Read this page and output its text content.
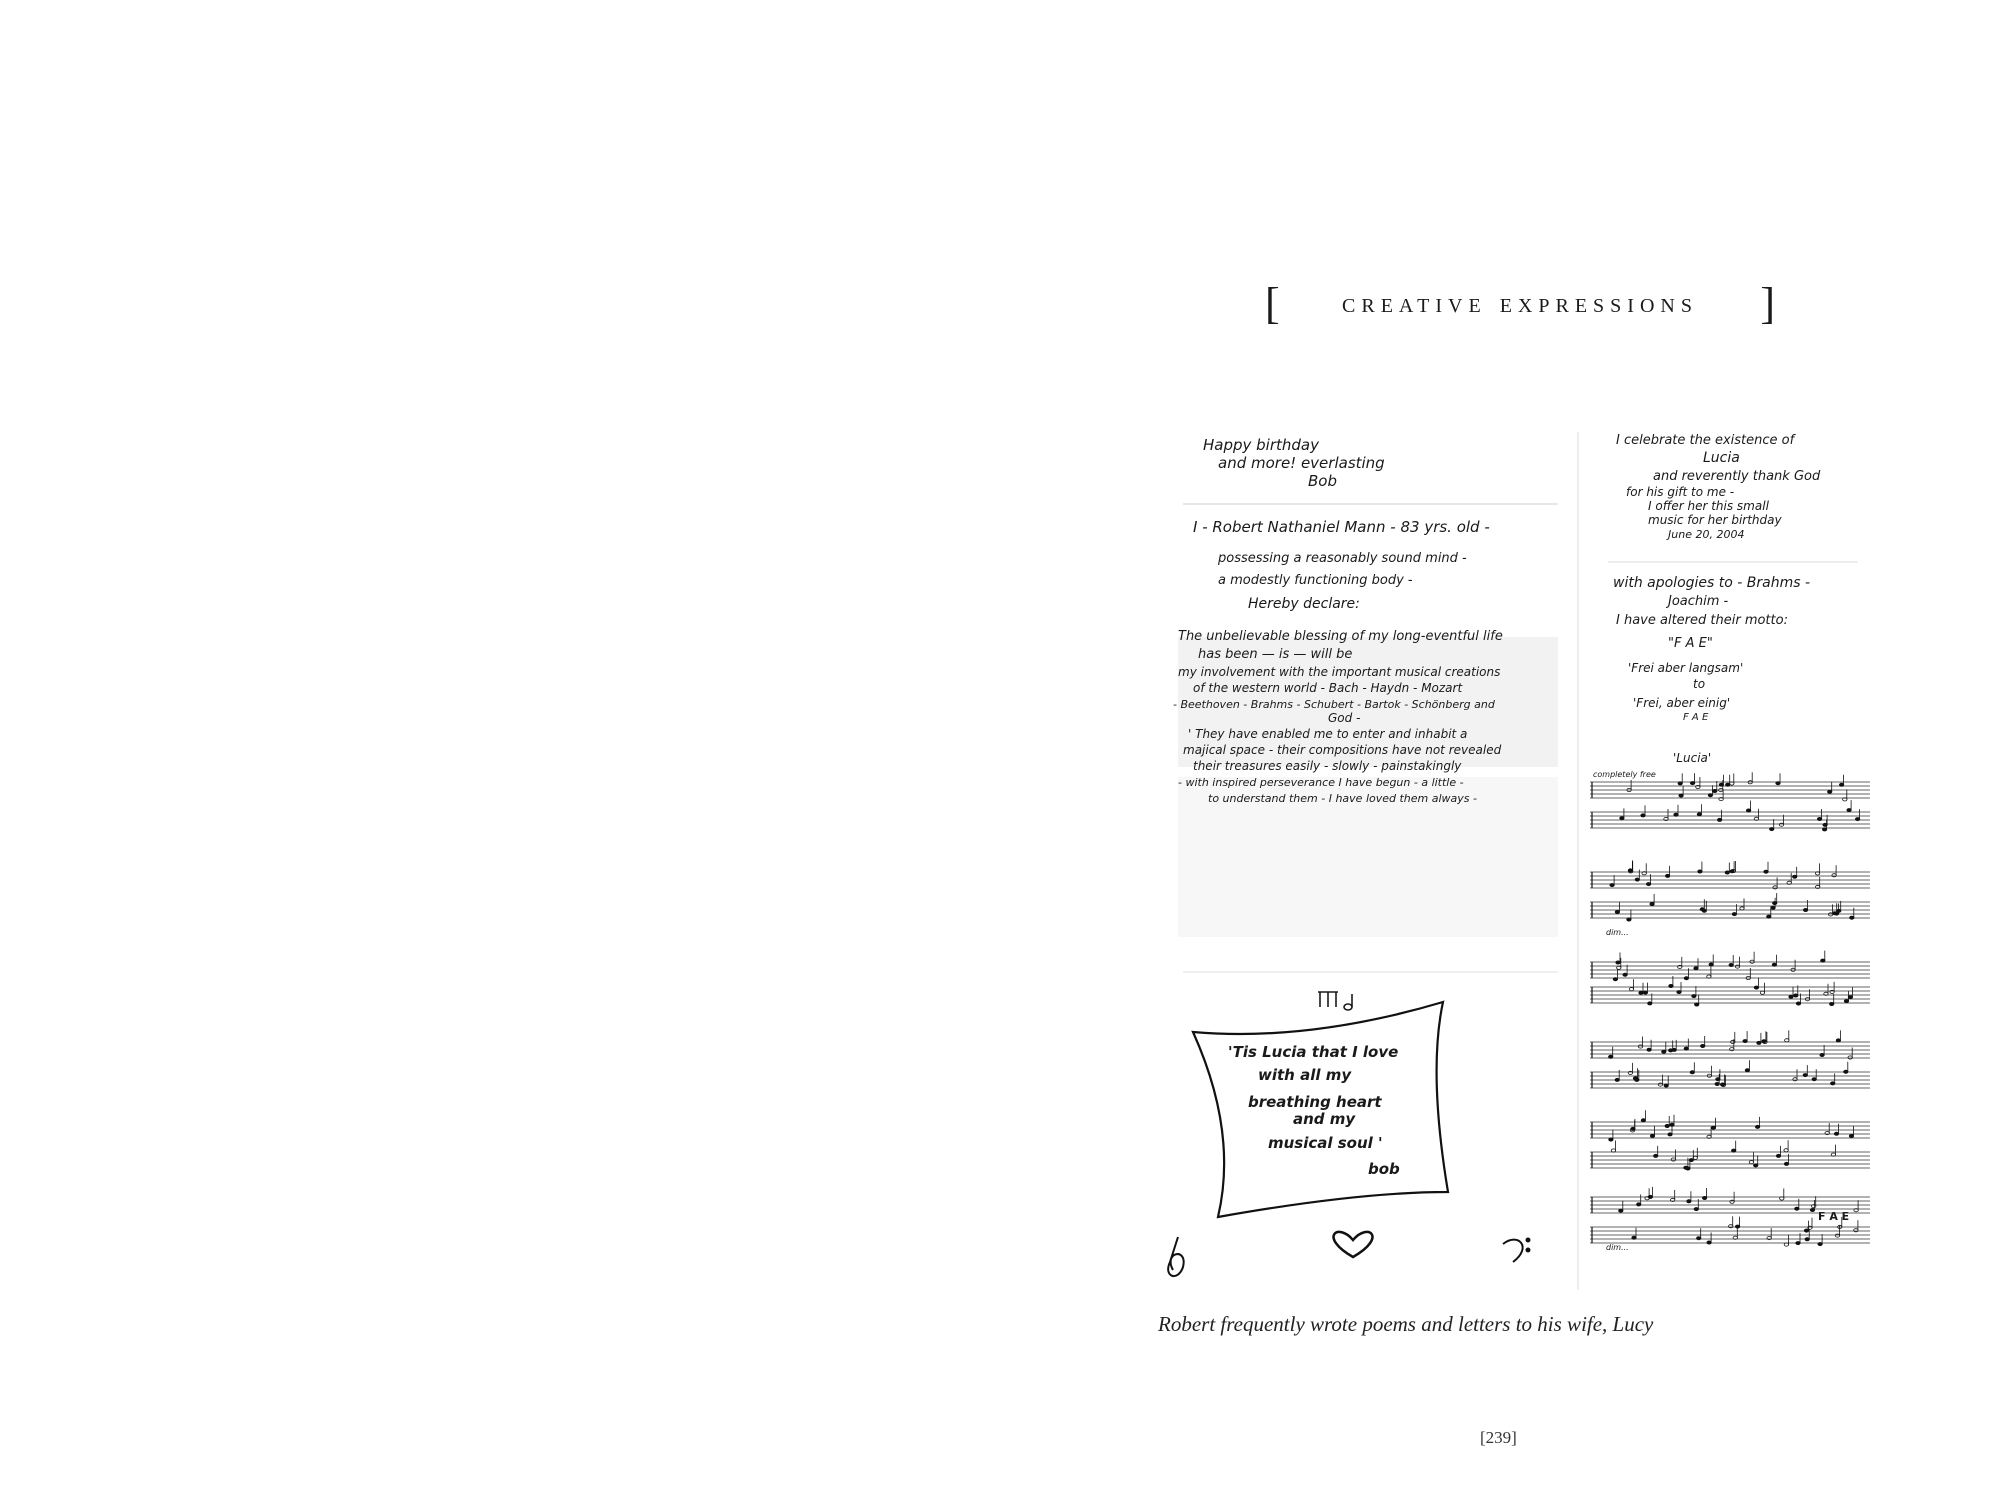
[ creative expressions ]
Happy birthday
and more! everlasting
Bob
I - Robert Nathaniel Mann - 83 yrs. old -
possessing a reasonably sound mind -
a modestly functioning body -
Hereby declare:
The unbelievable blessing of my long-eventful life
has been — is — will be
my involvement with the important musical creations
of the western world - Bach - Haydn - Mozart
- Beethoven - Brahms - Schubert - Bartok - Schönberg and
God -
' They have enabled me to enter and inhabit a
majical space - their compositions have not revealed
their treasures easily - slowly - painstakingly
- with inspired perseverance I have begun - a little -
to understand them - I have loved them always -
'Tis Lucia that I love
with all my
breathing heart
and my
musical soul '
bob
I celebrate the existence of
Lucia
and reverently thank God
for his gift to me -
I offer her this small
music for her birthday
June 20, 2004
with apologies to - Brahms -
Joachim -
I have altered their motto:
"F A E"
'Frei aber langsam'
to
'Frei, aber einig'
F A E
'Lucia'
completely free
dim...
dim...
F A E
Robert frequently wrote poems and letters to his wife, Lucy
[239]
